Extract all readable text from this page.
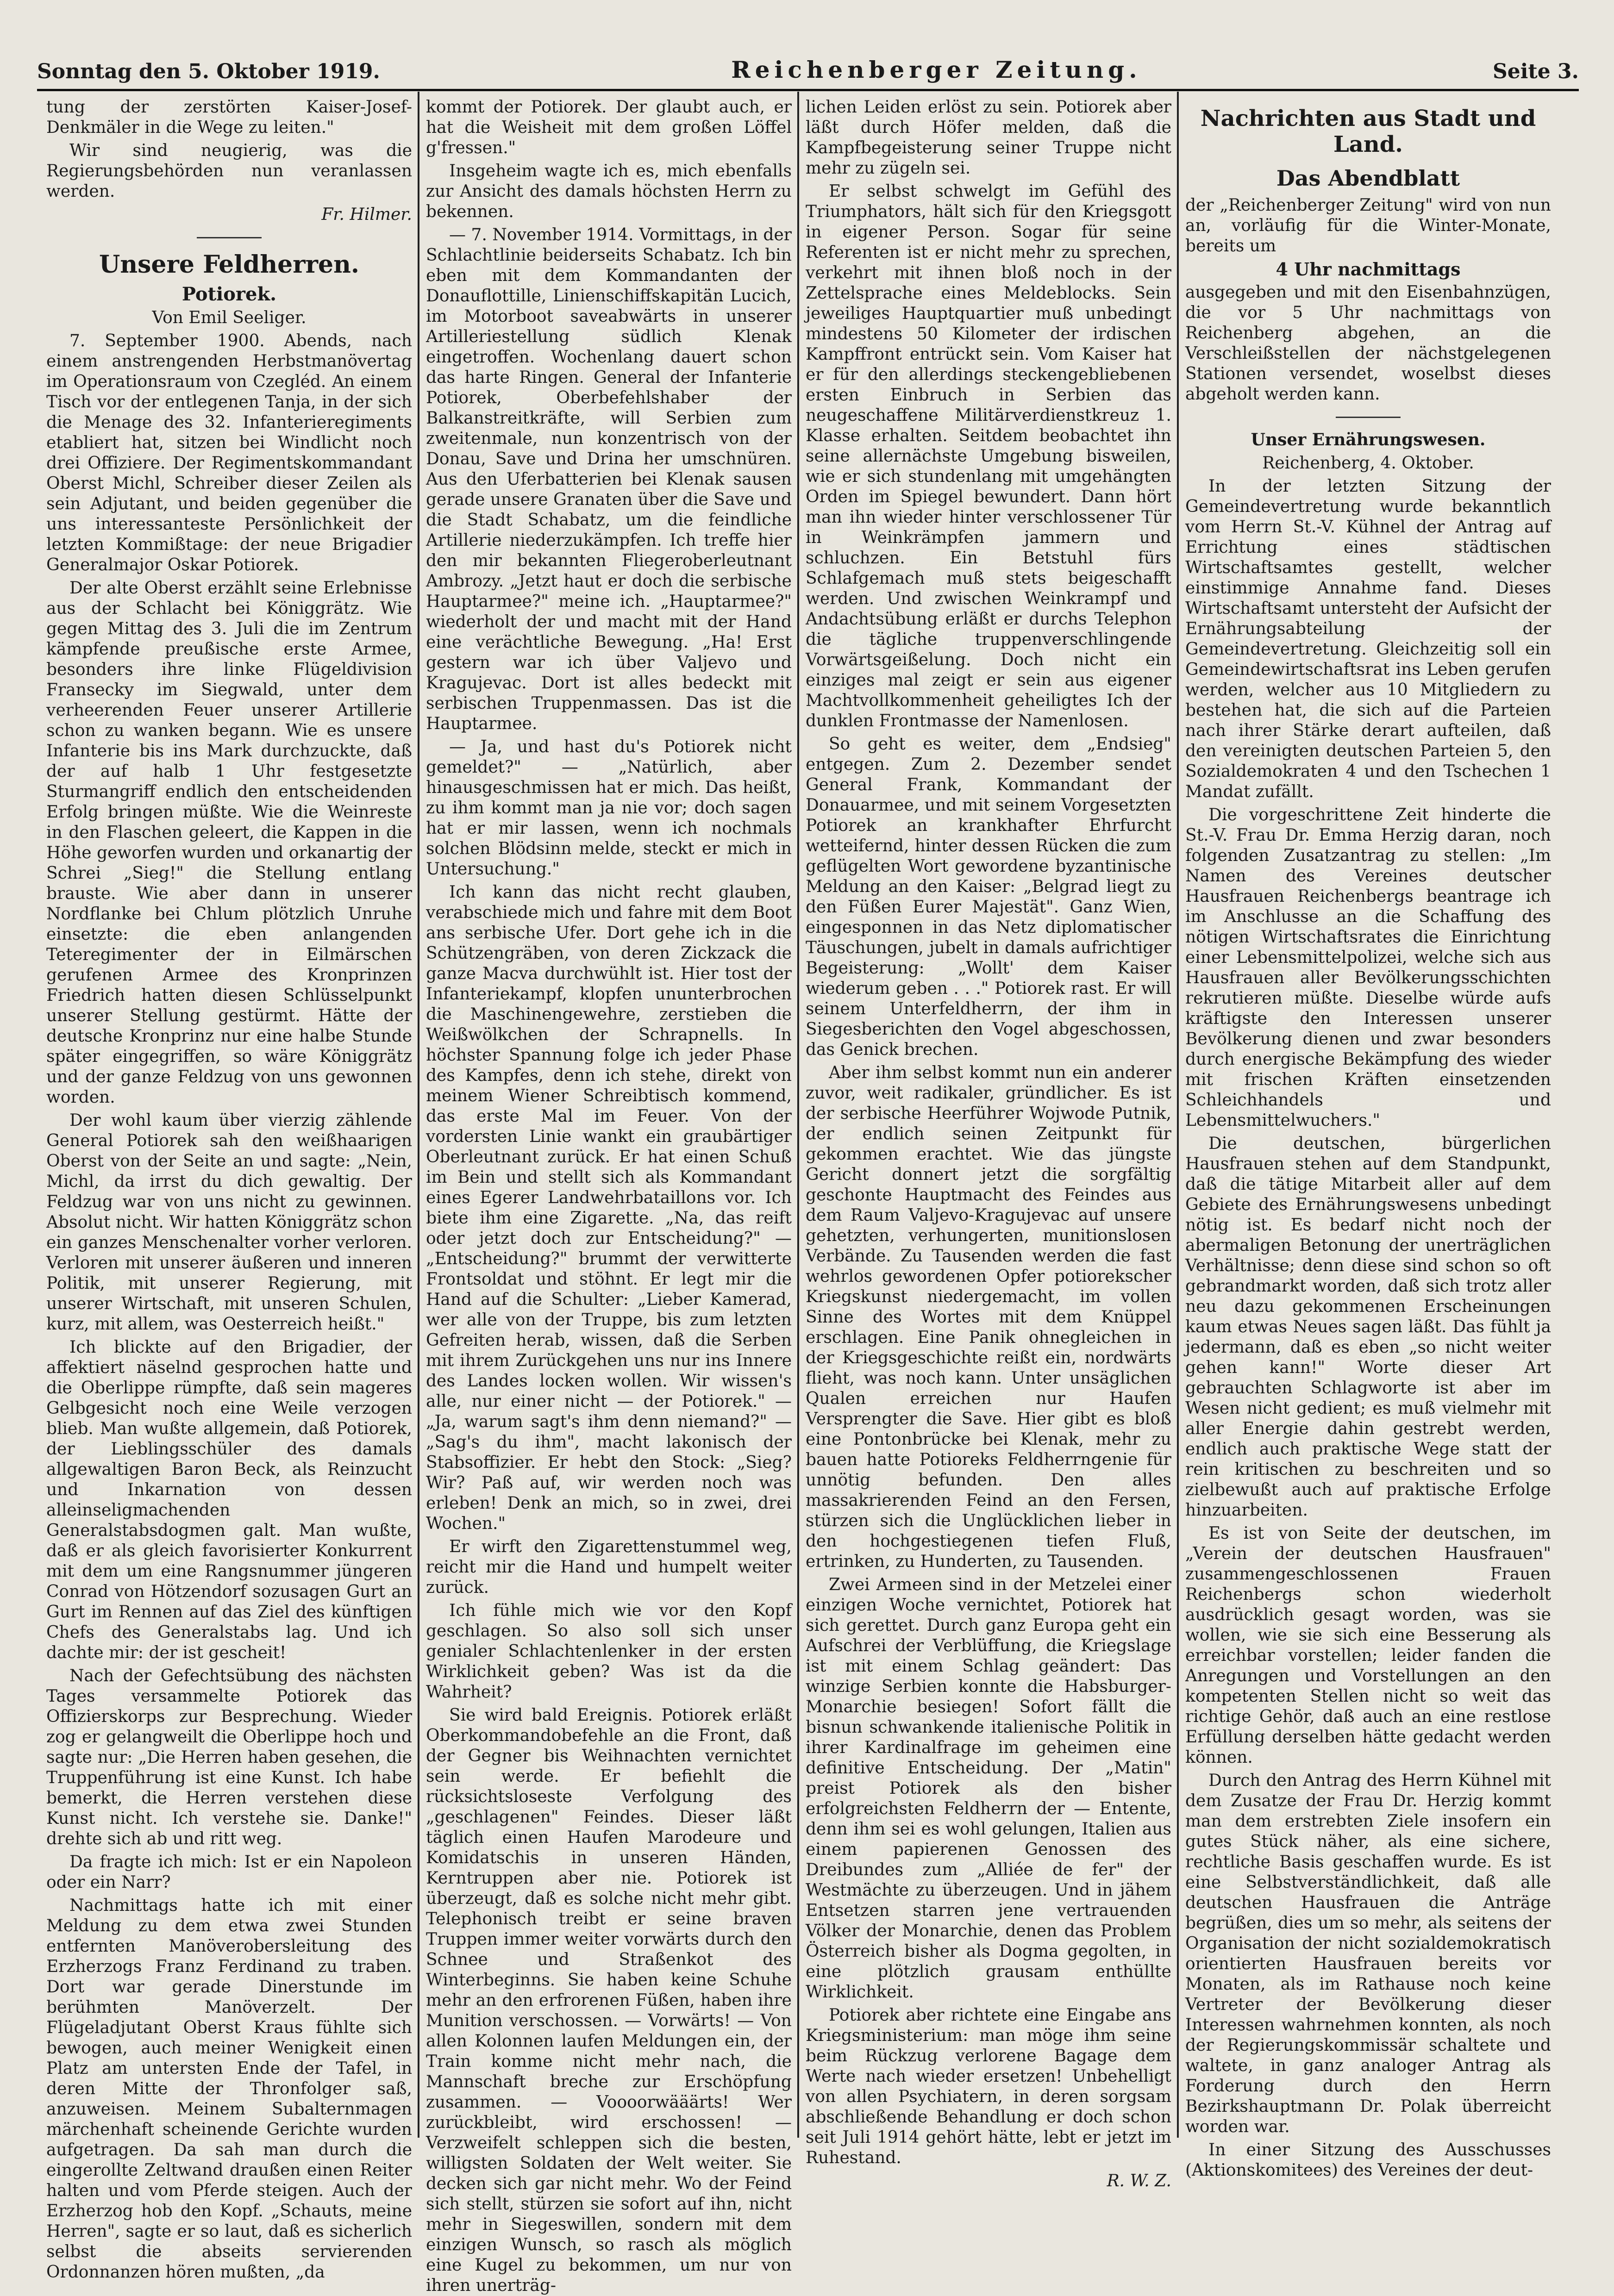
Sonntag den 5. Oktober 1919.	Reichenberger Zeitung.	Seite 3.

tung der zerstörten Kaiser-Josef-Denkmäler in die Wege zu leiten."

Wir sind neugierig, was die Regierungsbehörden nun veranlassen werden.

Fr. Hilmer.

Unsere Feldherren.
Potiorek.

Von Emil Seeliger.

7. September 1900. Abends, nach einem anstrengenden Herbstmanövertag im Operationsraum von Czegléd. An einem Tisch vor der entlegenen Tanja, in der sich die Menage des 32. Infanterieregiments etabliert hat, sitzen bei Windlicht noch drei Offiziere. Der Regimentskommandant Oberst Michl, Schreiber dieser Zeilen als sein Adjutant, und beiden gegenüber die uns interessanteste Persönlichkeit der letzten Kommißtage: der neue Brigadier Generalmajor Oskar Potiorek.

Der alte Oberst erzählt seine Erlebnisse aus der Schlacht bei Königgrätz. Wie gegen Mittag des 3. Juli die im Zentrum kämpfende preußische erste Armee, besonders ihre linke Flügeldivision Fransecky im Siegwald, unter dem verheerenden Feuer unserer Artillerie schon zu wanken begann. Wie es unsere Infanterie bis ins Mark durchzuckte, daß der auf halb 1 Uhr festgesetzte Sturmangriff endlich den entscheidenden Erfolg bringen müßte. Wie die Weinreste in den Flaschen geleert, die Kappen in die Höhe geworfen wurden und orkanartig der Schrei „Sieg!" die Stellung entlang brauste. Wie aber dann in unserer Nordflanke bei Chlum plötzlich Unruhe einsetzte: die eben anlangenden Teteregimenter der in Eilmärschen gerufenen Armee des Kronprinzen Friedrich hatten diesen Schlüsselpunkt unserer Stellung gestürmt. Hätte der deutsche Kronprinz nur eine halbe Stunde später eingegriffen, so wäre Königgrätz und der ganze Feldzug von uns gewonnen worden.

Der wohl kaum über vierzig zählende General Potiorek sah den weißhaarigen Oberst von der Seite an und sagte: „Nein, Michl, da irrst du dich gewaltig. Der Feldzug war von uns nicht zu gewinnen. Absolut nicht. Wir hatten Königgrätz schon ein ganzes Menschenalter vorher verloren. Verloren mit unserer äußeren und inneren Politik, mit unserer Regierung, mit unserer Wirtschaft, mit unseren Schulen, kurz, mit allem, was Oesterreich heißt."

Ich blickte auf den Brigadier, der affektiert näselnd gesprochen hatte und die Oberlippe rümpfte, daß sein mageres Gelbgesicht noch eine Weile verzogen blieb. Man wußte allgemein, daß Potiorek, der Lieblingsschüler des damals allgewaltigen Baron Beck, als Reinzucht und Inkarnation von dessen alleinseligmachenden Generalstabsdogmen galt. Man wußte, daß er als gleich favorisierter Konkurrent mit dem um eine Rangsnummer jüngeren Conrad von Hötzendorf sozusagen Gurt an Gurt im Rennen auf das Ziel des künftigen Chefs des Generalstabs lag. Und ich dachte mir: der ist gescheit!

Nach der Gefechtsübung des nächsten Tages versammelte Potiorek das Offizierskorps zur Besprechung. Wieder zog er gelangweilt die Oberlippe hoch und sagte nur: „Die Herren haben gesehen, die Truppenführung ist eine Kunst. Ich habe bemerkt, die Herren verstehen diese Kunst nicht. Ich verstehe sie. Danke!" drehte sich ab und ritt weg.

Da fragte ich mich: Ist er ein Napoleon oder ein Narr?

Nachmittags hatte ich mit einer Meldung zu dem etwa zwei Stunden entfernten Manöverobersleitung des Erzherzogs Franz Ferdinand zu traben. Dort war gerade Dinerstunde im berühmten Manöverzelt. Der Flügeladjutant Oberst Kraus fühlte sich bewogen, auch meiner Wenigkeit einen Platz am untersten Ende der Tafel, in deren Mitte der Thronfolger saß, anzuweisen. Meinem Subalternmagen märchenhaft scheinende Gerichte wurden aufgetragen. Da sah man durch die eingerollte Zeltwand draußen einen Reiter halten und vom Pferde steigen. Auch der Erzherzog hob den Kopf. „Schauts, meine Herren", sagte er so laut, daß es sicherlich selbst die abseits servierenden Ordonnanzen hören mußten, „da

kommt der Potiorek. Der glaubt auch, er hat die Weisheit mit dem großen Löffel g'fressen."

Insgeheim wagte ich es, mich ebenfalls zur Ansicht des damals höchsten Herrn zu bekennen.

— 7. November 1914. Vormittags, in der Schlachtlinie beiderseits Schabatz. Ich bin eben mit dem Kommandanten der Donauflottille, Linienschiffskapitän Lucich, im Motorboot saveabwärts in unserer Artilleriestellung südlich Klenak eingetroffen. Wochenlang dauert schon das harte Ringen. General der Infanterie Potiorek, Oberbefehlshaber der Balkanstreitkräfte, will Serbien zum zweitenmale, nun konzentrisch von der Donau, Save und Drina her umschnüren. Aus den Uferbatterien bei Klenak sausen gerade unsere Granaten über die Save und die Stadt Schabatz, um die feindliche Artillerie niederzukämpfen. Ich treffe hier den mir bekannten Fliegeroberleutnant Ambrozy. „Jetzt haut er doch die serbische Hauptarmee?" meine ich. „Hauptarmee?" wiederholt der und macht mit der Hand eine verächtliche Bewegung. „Ha! Erst gestern war ich über Valjevo und Kragujevac. Dort ist alles bedeckt mit serbischen Truppenmassen. Das ist die Hauptarmee.

— Ja, und hast du's Potiorek nicht gemeldet?" — „Natürlich, aber hinausgeschmissen hat er mich. Das heißt, zu ihm kommt man ja nie vor; doch sagen hat er mir lassen, wenn ich nochmals solchen Blödsinn melde, steckt er mich in Untersuchung."

Ich kann das nicht recht glauben, verabschiede mich und fahre mit dem Boot ans serbische Ufer. Dort gehe ich in die Schützengräben, von deren Zickzack die ganze Macva durchwühlt ist. Hier tost der Infanteriekampf, klopfen ununterbrochen die Maschinengewehre, zerstieben die Weißwölkchen der Schrapnells. In höchster Spannung folge ich jeder Phase des Kampfes, denn ich stehe, direkt von meinem Wiener Schreibtisch kommend, das erste Mal im Feuer. Von der vordersten Linie wankt ein graubärtiger Oberleutnant zurück. Er hat einen Schuß im Bein und stellt sich als Kommandant eines Egerer Landwehrbataillons vor. Ich biete ihm eine Zigarette. „Na, das reift oder jetzt doch zur Entscheidung?" — „Entscheidung?" brummt der verwitterte Frontsoldat und stöhnt. Er legt mir die Hand auf die Schulter: „Lieber Kamerad, wer alle von der Truppe, bis zum letzten Gefreiten herab, wissen, daß die Serben mit ihrem Zurückgehen uns nur ins Innere des Landes locken wollen. Wir wissen's alle, nur einer nicht — der Potiorek." — „Ja, warum sagt's ihm denn niemand?" — „Sag's du ihm", macht lakonisch der Stabsoffizier. Er hebt den Stock: „Sieg? Wir? Paß auf, wir werden noch was erleben! Denk an mich, so in zwei, drei Wochen."

Er wirft den Zigarettenstummel weg, reicht mir die Hand und humpelt weiter zurück.

Ich fühle mich wie vor den Kopf geschlagen. So also soll sich unser genialer Schlachtenlenker in der ersten Wirklichkeit geben? Was ist da die Wahrheit?

Sie wird bald Ereignis. Potiorek erläßt Oberkommandobefehle an die Front, daß der Gegner bis Weihnachten vernichtet sein werde. Er befiehlt die rücksichtsloseste Verfolgung des „geschlagenen" Feindes. Dieser läßt täglich einen Haufen Marodeure und Komidatschis in unseren Händen, Kerntruppen aber nie. Potiorek ist überzeugt, daß es solche nicht mehr gibt. Telephonisch treibt er seine braven Truppen immer weiter vorwärts durch den Schnee und Straßenkot des Winterbeginns. Sie haben keine Schuhe mehr an den erfrorenen Füßen, haben ihre Munition verschossen. — Vorwärts! — Von allen Kolonnen laufen Meldungen ein, der Train komme nicht mehr nach, die Mannschaft breche zur Erschöpfung zusammen. — Voooorwääärts! Wer zurückbleibt, wird erschossen! — Verzweifelt schleppen sich die besten, willigsten Soldaten der Welt weiter. Sie decken sich gar nicht mehr. Wo der Feind sich stellt, stürzen sie sofort auf ihn, nicht mehr in Siegeswillen, sondern mit dem einzigen Wunsch, so rasch als möglich eine Kugel zu bekommen, um nur von ihren unerträg-

lichen Leiden erlöst zu sein. Potiorek aber läßt durch Höfer melden, daß die Kampfbegeisterung seiner Truppe nicht mehr zu zügeln sei.

Er selbst schwelgt im Gefühl des Triumphators, hält sich für den Kriegsgott in eigener Person. Sogar für seine Referenten ist er nicht mehr zu sprechen, verkehrt mit ihnen bloß noch in der Zettelsprache eines Meldeblocks. Sein jeweiliges Hauptquartier muß unbedingt mindestens 50 Kilometer der irdischen Kampffront entrückt sein. Vom Kaiser hat er für den allerdings steckengebliebenen ersten Einbruch in Serbien das neugeschaffene Militärverdienstkreuz 1. Klasse erhalten. Seitdem beobachtet ihn seine allernächste Umgebung bisweilen, wie er sich stundenlang mit umgehängten Orden im Spiegel bewundert. Dann hört man ihn wieder hinter verschlossener Tür in Weinkrämpfen jammern und schluchzen. Ein Betstuhl fürs Schlafgemach muß stets beigeschafft werden. Und zwischen Weinkrampf und Andachtsübung erläßt er durchs Telephon die tägliche truppenverschlingende Vorwärtsgeißelung. Doch nicht ein einziges mal zeigt er sein aus eigener Machtvollkommenheit geheiligtes Ich der dunklen Frontmasse der Namenlosen.

So geht es weiter, dem „Endsieg" entgegen. Zum 2. Dezember sendet General Frank, Kommandant der Donauarmee, und mit seinem Vorgesetzten Potiorek an krankhafter Ehrfurcht wetteifernd, hinter dessen Rücken die zum geflügelten Wort gewordene byzantinische Meldung an den Kaiser: „Belgrad liegt zu den Füßen Eurer Majestät". Ganz Wien, eingesponnen in das Netz diplomatischer Täuschungen, jubelt in damals aufrichtiger Begeisterung: „Wollt' dem Kaiser wiederum geben . . ." Potiorek rast. Er will seinem Unterfeldherrn, der ihm in Siegesberichten den Vogel abgeschossen, das Genick brechen.

Aber ihm selbst kommt nun ein anderer zuvor, weit radikaler, gründlicher. Es ist der serbische Heerführer Wojwode Putnik, der endlich seinen Zeitpunkt für gekommen erachtet. Wie das jüngste Gericht donnert jetzt die sorgfältig geschonte Hauptmacht des Feindes aus dem Raum Valjevo-Kragujevac auf unsere gehetzten, verhungerten, munitionslosen Verbände. Zu Tausenden werden die fast wehrlos gewordenen Opfer potiorekscher Kriegskunst niedergemacht, im vollen Sinne des Wortes mit dem Knüppel erschlagen. Eine Panik ohnegleichen in der Kriegsgeschichte reißt ein, nordwärts flieht, was noch kann. Unter unsäglichen Qualen erreichen nur Haufen Versprengter die Save. Hier gibt es bloß eine Pontonbrücke bei Klenak, mehr zu bauen hatte Potioreks Feldherrngenie für unnötig befunden. Den alles massakrierenden Feind an den Fersen, stürzen sich die Unglücklichen lieber in den hochgestiegenen tiefen Fluß, ertrinken, zu Hunderten, zu Tausenden.

Zwei Armeen sind in der Metzelei einer einzigen Woche vernichtet, Potiorek hat sich gerettet. Durch ganz Europa geht ein Aufschrei der Verblüffung, die Kriegslage ist mit einem Schlag geändert: Das winzige Serbien konnte die Habsburger-Monarchie besiegen! Sofort fällt die bisnun schwankende italienische Politik in ihrer Kardinalfrage im geheimen eine definitive Entscheidung. Der „Matin" preist Potiorek als den bisher erfolgreichsten Feldherrn der — Entente, denn ihm sei es wohl gelungen, Italien aus einem papierenen Genossen des Dreibundes zum „Alliée de fer" der Westmächte zu überzeugen. Und in jähem Entsetzen starren jene vertrauenden Völker der Monarchie, denen das Problem Österreich bisher als Dogma gegolten, in eine plötzlich grausam enthüllte Wirklichkeit.

Potiorek aber richtete eine Eingabe ans Kriegsministerium: man möge ihm seine beim Rückzug verlorene Bagage dem Werte nach wieder ersetzen! Unbehelligt von allen Psychiatern, in deren sorgsam abschließende Behandlung er doch schon seit Juli 1914 gehört hätte, lebt er jetzt im Ruhestand.

R. W. Z.

Nachrichten aus Stadt und Land.
Das Abendblatt

der „Reichenberger Zeitung" wird von nun an, vorläufig für die Winter-Monate, bereits um

4 Uhr nachmittags

ausgegeben und mit den Eisenbahnzügen, die vor 5 Uhr nachmittags von Reichenberg abgehen, an die Verschleißstellen der nächstgelegenen Stationen versendet, woselbst dieses abgeholt werden kann.

Unser Ernährungswesen.

Reichenberg, 4. Oktober.

In der letzten Sitzung der Gemeindevertretung wurde bekanntlich vom Herrn St.-V. Kühnel der Antrag auf Errichtung eines städtischen Wirtschaftsamtes gestellt, welcher einstimmige Annahme fand. Dieses Wirtschaftsamt untersteht der Aufsicht der Ernährungsabteilung der Gemeindevertretung. Gleichzeitig soll ein Gemeindewirtschaftsrat ins Leben gerufen werden, welcher aus 10 Mitgliedern zu bestehen hat, die sich auf die Parteien nach ihrer Stärke derart aufteilen, daß den vereinigten deutschen Parteien 5, den Sozialdemokraten 4 und den Tschechen 1 Mandat zufällt.

Die vorgeschrittene Zeit hinderte die St.-V. Frau Dr. Emma Herzig daran, noch folgenden Zusatzantrag zu stellen: „Im Namen des Vereines deutscher Hausfrauen Reichenbergs beantrage ich im Anschlusse an die Schaffung des nötigen Wirtschaftsrates die Einrichtung einer Lebensmittelpolizei, welche sich aus Hausfrauen aller Bevölkerungsschichten rekrutieren müßte. Dieselbe würde aufs kräftigste den Interessen unserer Bevölkerung dienen und zwar besonders durch energische Bekämpfung des wieder mit frischen Kräften einsetzenden Schleichhandels und Lebensmittelwuchers."

Die deutschen, bürgerlichen Hausfrauen stehen auf dem Standpunkt, daß die tätige Mitarbeit aller auf dem Gebiete des Ernährungswesens unbedingt nötig ist. Es bedarf nicht noch der abermaligen Betonung der unerträglichen Verhältnisse; denn diese sind schon so oft gebrandmarkt worden, daß sich trotz aller neu dazu gekommenen Erscheinungen kaum etwas Neues sagen läßt. Das fühlt ja jedermann, daß es eben „so nicht weiter gehen kann!" Worte dieser Art gebrauchten Schlagworte ist aber im Wesen nicht gedient; es muß vielmehr mit aller Energie dahin gestrebt werden, endlich auch praktische Wege statt der rein kritischen zu beschreiten und so zielbewußt auch auf praktische Erfolge hinzuarbeiten.

Es ist von Seite der deutschen, im „Verein der deutschen Hausfrauen" zusammengeschlossenen Frauen Reichenbergs schon wiederholt ausdrücklich gesagt worden, was sie wollen, wie sie sich eine Besserung als erreichbar vorstellen; leider fanden die Anregungen und Vorstellungen an den kompetenten Stellen nicht so weit das richtige Gehör, daß auch an eine restlose Erfüllung derselben hätte gedacht werden können.

Durch den Antrag des Herrn Kühnel mit dem Zusatze der Frau Dr. Herzig kommt man dem erstrebten Ziele insofern ein gutes Stück näher, als eine sichere, rechtliche Basis geschaffen wurde. Es ist eine Selbstverständlichkeit, daß alle deutschen Hausfrauen die Anträge begrüßen, dies um so mehr, als seitens der Organisation der nicht sozialdemokratisch orientierten Hausfrauen bereits vor Monaten, als im Rathause noch keine Vertreter der Bevölkerung dieser Interessen wahrnehmen konnten, als noch der Regierungskommissär schaltete und waltete, in ganz analoger Antrag als Forderung durch den Herrn Bezirkshauptmann Dr. Polak überreicht worden war.

In einer Sitzung des Ausschusses (Aktionskomitees) des Vereines der deut-
